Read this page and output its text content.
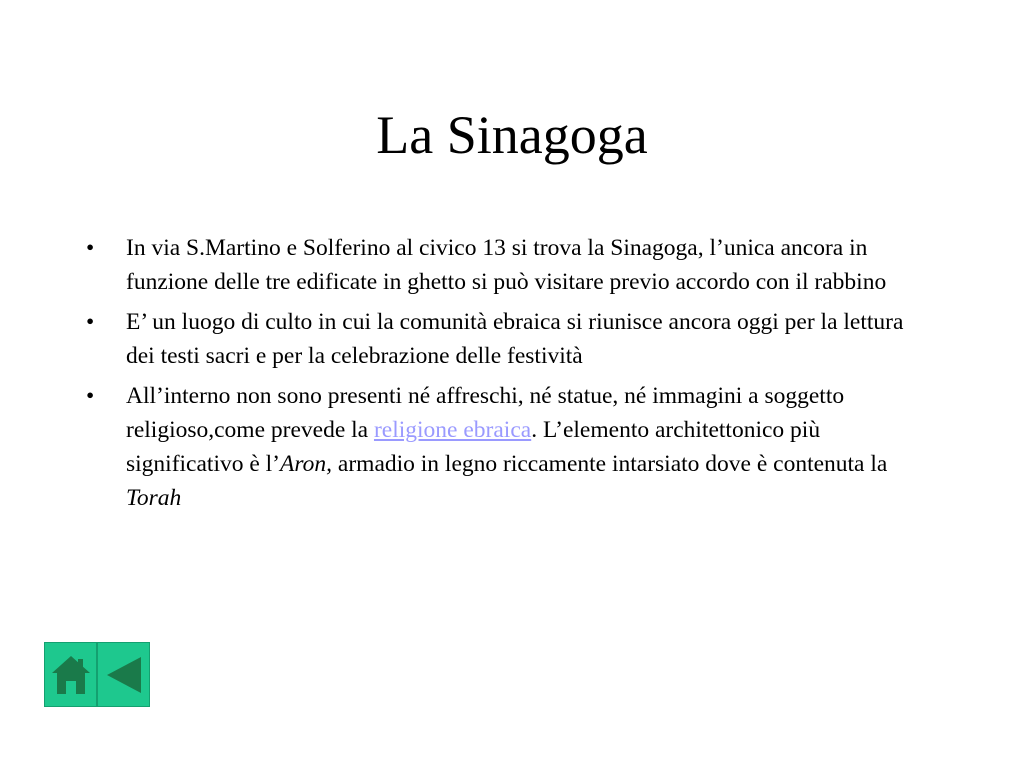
La Sinagoga
•	In via S.Martino e Solferino al civico 13 si trova la Sinagoga, l’unica ancora in funzione delle tre edificate in ghetto si può visitare previo accordo con il rabbino
•	E’ un luogo di culto in cui la comunità ebraica si riunisce ancora oggi per la lettura dei testi sacri e per la celebrazione delle festività
•	All’interno non sono presenti né affreschi, né statue, né immagini a soggetto religioso,come prevede la religione ebraica. L’elemento architettonico più significativo è l’Aron, armadio in legno riccamente intarsiato dove è contenuta la Torah
